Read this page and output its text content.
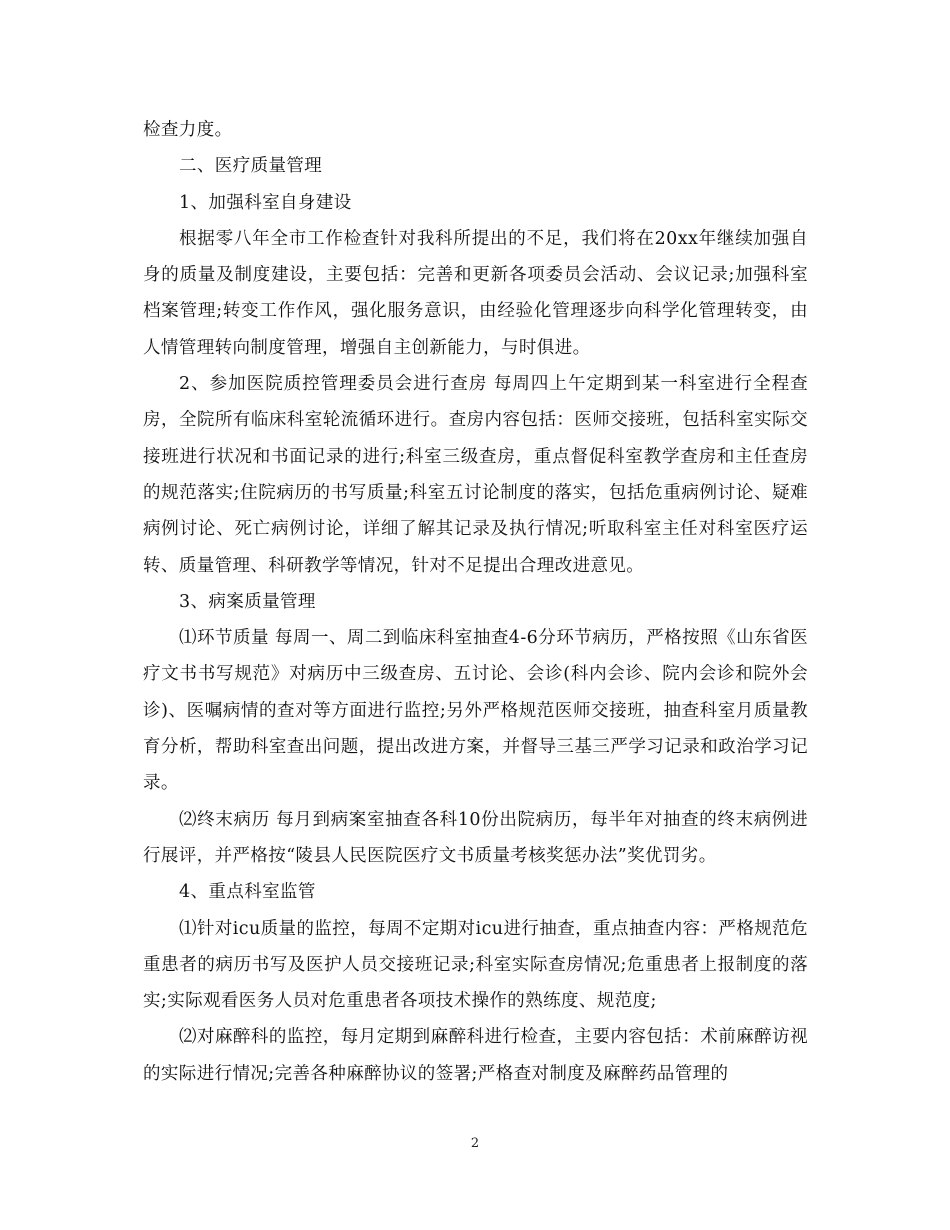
检查力度。

二、医疗质量管理

1、加强科室自身建设

根据零八年全市工作检查针对我科所提出的不足，我们将在20xx年继续加强自身的质量及制度建设，主要包括：完善和更新各项委员会活动、会议记录;加强科室档案管理;转变工作作风，强化服务意识，由经验化管理逐步向科学化管理转变，由人情管理转向制度管理，增强自主创新能力，与时俱进。

2、参加医院质控管理委员会进行查房 每周四上午定期到某一科室进行全程查房，全院所有临床科室轮流循环进行。查房内容包括：医师交接班，包括科室实际交接班进行状况和书面记录的进行;科室三级查房，重点督促科室教学查房和主任查房的规范落实;住院病历的书写质量;科室五讨论制度的落实，包括危重病例讨论、疑难病例讨论、死亡病例讨论，详细了解其记录及执行情况;听取科室主任对科室医疗运转、质量管理、科研教学等情况，针对不足提出合理改进意见。

3、病案质量管理

⑴环节质量 每周一、周二到临床科室抽查4-6分环节病历，严格按照《山东省医疗文书书写规范》对病历中三级查房、五讨论、会诊(科内会诊、院内会诊和院外会诊)、医嘱病情的查对等方面进行监控;另外严格规范医师交接班，抽查科室月质量教育分析，帮助科室查出问题，提出改进方案，并督导三基三严学习记录和政治学习记录。

⑵终末病历 每月到病案室抽查各科10份出院病历，每半年对抽查的终末病例进行展评，并严格按“陵县人民医院医疗文书质量考核奖惩办法”奖优罚劣。

4、重点科室监管

⑴针对icu质量的监控，每周不定期对icu进行抽查，重点抽查内容：严格规范危重患者的病历书写及医护人员交接班记录;科室实际查房情况;危重患者上报制度的落实;实际观看医务人员对危重患者各项技术操作的熟练度、规范度;

⑵对麻醉科的监控，每月定期到麻醉科进行检查，主要内容包括：术前麻醉访视的实际进行情况;完善各种麻醉协议的签署;严格查对制度及麻醉药品管理的

2
